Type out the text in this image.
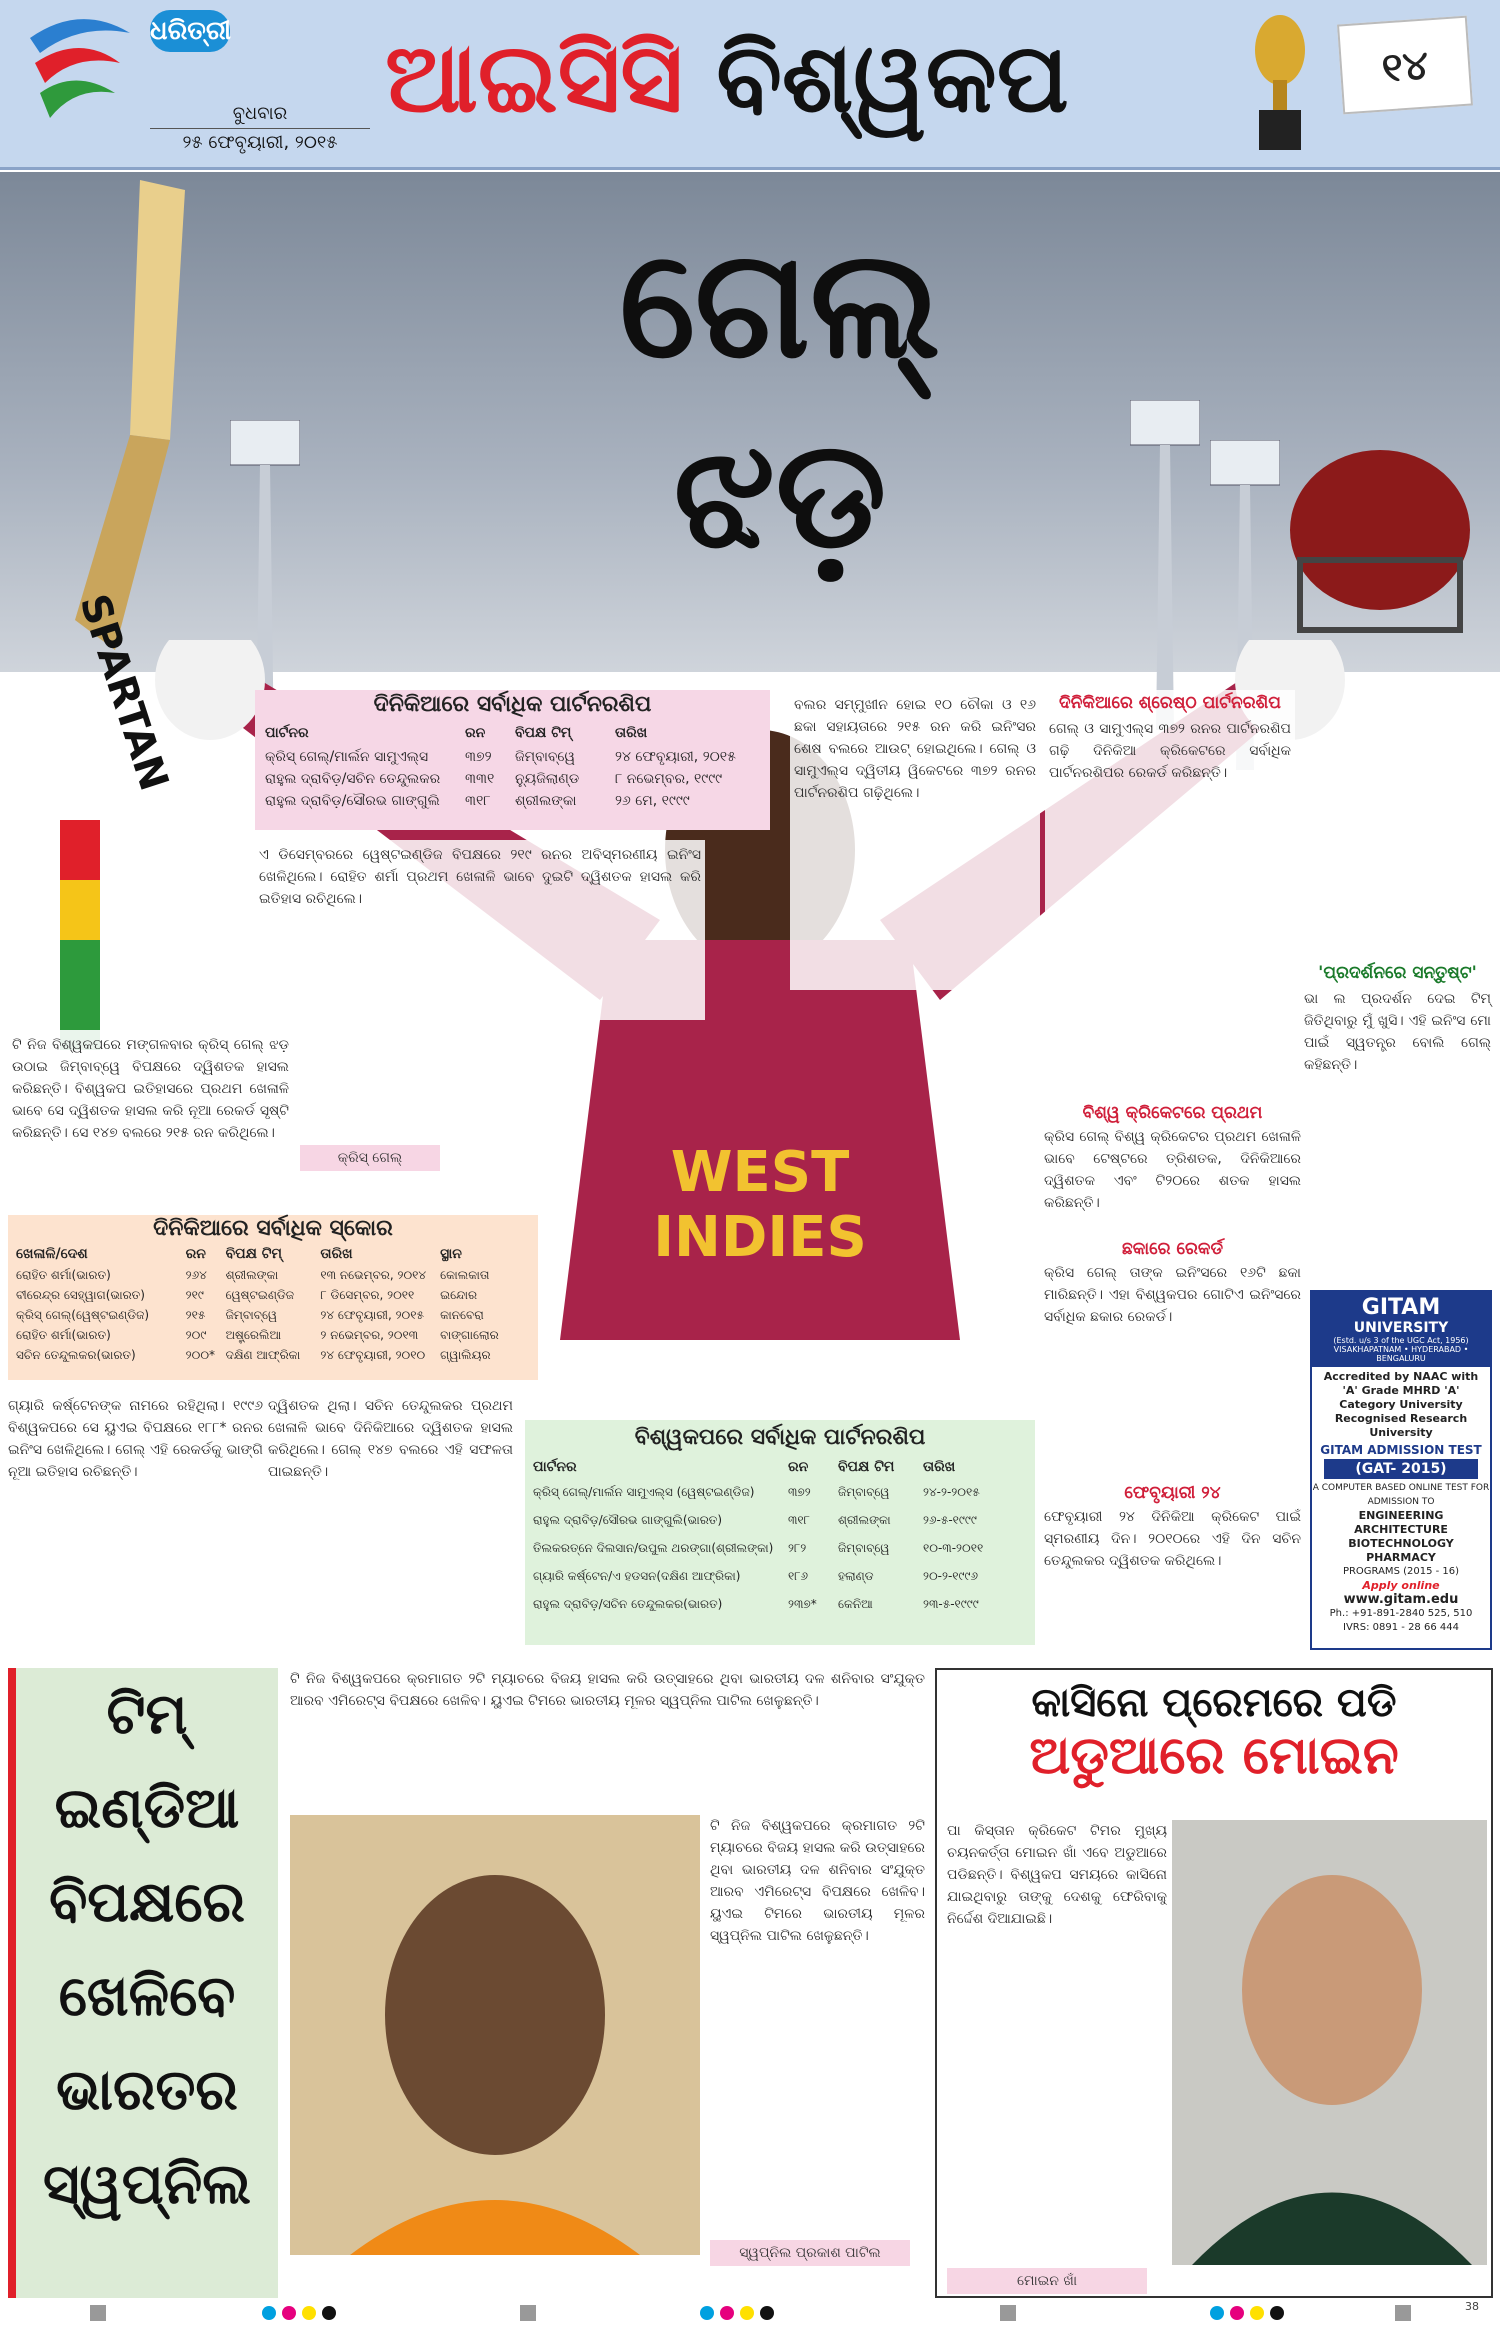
ଧରିତ୍ରୀ
ବୁଧବାର
୨୫ ଫେବୃୟାରୀ, ୨୦୧୫
ଆଇସିସି ବିଶ୍ୱକପ	୧୪
ଗେଲ୍
ଝଡ଼
WEST INDIES
SPARTAN	ଦିନିକିଆରେ ସର୍ବାଧିକ ପାର୍ଟନରଶିପ
ପାର୍ଟନର	ରନ	ବିପକ୍ଷ ଟିମ୍	ତାରିଖ
କ୍ରିସ୍ ଗେଲ୍/ମାର୍ଲନ ସାମୁଏଲ୍ସ	୩୭୨	ଜିମ୍ବାବ୍ୱେ	୨୪ ଫେବୃୟାରୀ, ୨୦୧୫
ରାହୁଲ ଦ୍ରାବିଡ଼/ସଚିନ ତେନ୍ଦୁଲକର	୩୩୧	ନ୍ୟୁଜିଲାଣ୍ଡ	୮ ନଭେମ୍ବର, ୧୯୯୯
ରାହୁଲ ଦ୍ରାବିଡ଼/ସୌରଭ ଗାଙ୍ଗୁଲି	୩୧୮	ଶ୍ରୀଲଙ୍କା	୨୬ ମେ, ୧୯୯୯
ଏ ଡିସେମ୍ବରରେ ୱେଷ୍ଟଇଣ୍ଡିଜ ବିପକ୍ଷରେ ୨୧୯ ରନର ଅବିସ୍ମରଣୀୟ ଇନିଂସ ଖେଳିଥିଲେ। ରୋହିତ ଶର୍ମା ପ୍ରଥମ ଖେଳାଳି ଭାବେ ଦୁଇଟି ଦ୍ୱିଶତକ ହାସଲ କରି ଇତିହାସ ରଚିଥିଲେ।
ବଲର ସମ୍ମୁଖୀନ ହୋଇ ୧୦ ଚୌକା ଓ ୧୬ ଛକା ସହାୟତାରେ ୨୧୫ ରନ କରି ଇନିଂସର ଶେଷ ବଲରେ ଆଉଟ୍ ହୋଇଥିଲେ। ଗେଲ୍ ଓ ସାମୁଏଲ୍ସ ଦ୍ୱିତୀୟ ୱିକେଟରେ ୩୭୨ ରନର ପାର୍ଟନରଶିପ ଗଢ଼ିଥିଲେ।
ଦିନିକିଆରେ ଶ୍ରେଷ୍ଠ ପାର୍ଟନରଶିପ
ଗେଲ୍ ଓ ସାମୁଏଲ୍ସ ୩୭୨ ରନର ପାର୍ଟନରଶିପ ଗଢ଼ି ଦିନିକିଆ କ୍ରିକେଟରେ ସର୍ବାଧିକ ପାର୍ଟନରଶିପର ରେକର୍ଡ କରିଛନ୍ତି।
'ପ୍ରଦର୍ଶନରେ ସନ୍ତୁଷ୍ଟ'
ଭା ଲ ପ୍ରଦର୍ଶନ ଦେଇ ଟିମ୍ ଜିତିଥିବାରୁ ମୁଁ ଖୁସି। ଏହି ଇନିଂସ ମୋ ପାଇଁ ସ୍ୱତନ୍ତ୍ର ବୋଲି ଗେଲ୍ କହିଛନ୍ତି।
ଟି ନିଜ ବିଶ୍ୱକପରେ ମଙ୍ଗଳବାର କ୍ରିସ୍ ଗେଲ୍ ଝଡ଼ ଉଠାଇ ଜିମ୍ବାବ୍ୱେ ବିପକ୍ଷରେ ଦ୍ୱିଶତକ ହାସଲ କରିଛନ୍ତି। ବିଶ୍ୱକପ ଇତିହାସରେ ପ୍ରଥମ ଖେଳାଳି ଭାବେ ସେ ଦ୍ୱିଶତକ ହାସଲ କରି ନୂଆ ରେକର୍ଡ ସୃଷ୍ଟି କରିଛନ୍ତି। ସେ ୧୪୭ ବଲରେ ୨୧୫ ରନ କରିଥିଲେ।
କ୍ରିସ୍ ଗେଲ୍
ବିଶ୍ୱ କ୍ରିକେଟରେ ପ୍ରଥମ
କ୍ରିସ ଗେଲ୍ ବିଶ୍ୱ କ୍ରିକେଟର ପ୍ରଥମ ଖେଳାଳି ଭାବେ ଟେଷ୍ଟରେ ତ୍ରିଶତକ, ଦିନିକିଆରେ ଦ୍ୱିଶତକ ଏବଂ ଟି୨୦ରେ ଶତକ ହାସଲ କରିଛନ୍ତି।
ଛକାରେ ରେକର୍ଡ
କ୍ରିସ ଗେଲ୍ ତାଙ୍କ ଇନିଂସରେ ୧୬ଟି ଛକା ମାରିଛନ୍ତି। ଏହା ବିଶ୍ୱକପର ଗୋଟିଏ ଇନିଂସରେ ସର୍ବାଧିକ ଛକାର ରେକର୍ଡ।
ଫେବୃୟାରୀ ୨୪
ଫେବୃୟାରୀ ୨୪ ଦିନିକିଆ କ୍ରିକେଟ ପାଇଁ ସ୍ମରଣୀୟ ଦିନ। ୨୦୧୦ରେ ଏହି ଦିନ ସଚିନ ତେନ୍ଦୁଲକର ଦ୍ୱିଶତକ କରିଥିଲେ।
ଦିନିକିଆରେ ସର୍ବାଧିକ ସ୍କୋର
ଖେଳାଳି/ଦେଶ	ରନ	ବିପକ୍ଷ ଟିମ୍	ତାରିଖ	ସ୍ଥାନ
ରୋହିତ ଶର୍ମା(ଭାରତ)	୨୬୪	ଶ୍ରୀଲଙ୍କା	୧୩ ନଭେମ୍ବର, ୨୦୧୪	କୋଲକାତା
ବୀରେନ୍ଦ୍ର ସେହ୍ୱାଗ(ଭାରତ)	୨୧୯	ୱେଷ୍ଟଇଣ୍ଡିଜ	୮ ଡିସେମ୍ବର, ୨୦୧୧	ଇନ୍ଦୋର
କ୍ରିସ୍ ଗେଲ୍(ୱେଷ୍ଟଇଣ୍ଡିଜ)	୨୧୫	ଜିମ୍ବାବ୍ୱେ	୨୪ ଫେବୃୟାରୀ, ୨୦୧୫	କାନବେରା
ରୋହିତ ଶର୍ମା(ଭାରତ)	୨୦୯	ଅଷ୍ଟ୍ରେଲିଆ	୨ ନଭେମ୍ବର, ୨୦୧୩	ବାଙ୍ଗାଲୋର
ସଚିନ ତେନ୍ଦୁଲକର(ଭାରତ)	୨୦୦* ଦକ୍ଷିଣ ଆଫ୍ରିକା	୨୪ ଫେବୃୟାରୀ, ୨୦୧୦	ଗ୍ୱାଲିୟର
ଗ୍ୟାରି କର୍ଷ୍ଟେନଙ୍କ ନାମରେ ରହିଥିଲା। ୧୯୯୬ ବିଶ୍ୱକପରେ ସେ ୟୁଏଇ ବିପକ୍ଷରେ ୧୮୮* ରନର ଇନିଂସ ଖେଳିଥିଲେ। ଗେଲ୍ ଏହି ରେକର୍ଡକୁ ଭାଙ୍ଗି ନୂଆ ଇତିହାସ ରଚିଛନ୍ତି।
ଦ୍ୱିଶତକ ଥିଲା। ସଚିନ ତେନ୍ଦୁଲକର ପ୍ରଥମ ଖେଳାଳି ଭାବେ ଦିନିକିଆରେ ଦ୍ୱିଶତକ ହାସଲ କରିଥିଲେ। ଗେଲ୍ ୧୪୭ ବଲରେ ଏହି ସଫଳତା ପାଇଛନ୍ତି।
ବିଶ୍ୱକପରେ ସର୍ବାଧିକ ପାର୍ଟନରଶିପ
ପାର୍ଟନର	ରନ	ବିପକ୍ଷ ଟିମ	ତାରିଖ
କ୍ରିସ୍ ଗେଲ୍/ମାର୍ଲନ ସାମୁଏଲ୍ସ (ୱେଷ୍ଟଇଣ୍ଡିଜ)	୩୭୨	ଜିମ୍ବାବ୍ୱେ	୨୪-୨-୨୦୧୫
ରାହୁଲ ଦ୍ରାବିଡ଼/ସୌରଭ ଗାଙ୍ଗୁଲି(ଭାରତ)	୩୧୮	ଶ୍ରୀଲଙ୍କା	୨୬-୫-୧୯୯୯
ତିଲକରତ୍ନେ ଦିଲସାନ/ଉପୁଲ ଥରଙ୍ଗା(ଶ୍ରୀଲଙ୍କା)	୨୮୨	ଜିମ୍ବାବ୍ୱେ	୧୦-୩-୨୦୧୧
ଗ୍ୟାରି କର୍ଷ୍ଟେନ/ଏ ହଡସନ(ଦକ୍ଷିଣ ଆଫ୍ରିକା)	୧୮୬	ହଲାଣ୍ଡ	୨୦-୨-୧୯୯୬
ରାହୁଲ ଦ୍ରାବିଡ଼/ସଚିନ ତେନ୍ଦୁଲକର(ଭାରତ)	୨୩୭*	କେନିଆ	୨୩-୫-୧୯୯୯
GITAM
UNIVERSITY
(Estd. u/s 3 of the UGC Act, 1956)
VISAKHAPATNAM • HYDERABAD • BENGALURU
Accredited by NAAC with 'A' Grade MHRD 'A' Category University Recognised Research University
GITAM ADMISSION TEST
(GAT- 2015)
A COMPUTER BASED ONLINE TEST FOR ADMISSION TO
ENGINEERING
ARCHITECTURE
BIOTECHNOLOGY
PHARMACY
PROGRAMS (2015 - 16)
Apply online
www.gitam.edu
Ph.: +91-891-2840 525, 510
IVRS: 0891 - 28 66 444
ଟିମ୍
ଇଣ୍ଡିଆ
ବିପକ୍ଷରେ
ଖେଳିବେ
ଭାରତର
ସ୍ୱପ୍ନିଲ
ଟି ନିଜ ବିଶ୍ୱକପରେ କ୍ରମାଗତ ୨ଟି ମ୍ୟାଚରେ ବିଜୟ ହାସଲ କରି ଉତ୍ସାହରେ ଥିବା ଭାରତୀୟ ଦଳ ଶନିବାର ସଂଯୁକ୍ତ ଆରବ ଏମିରେଟ୍ସ ବିପକ୍ଷରେ ଖେଳିବ। ୟୁଏଇ ଟିମରେ ଭାରତୀୟ ମୂଳର ସ୍ୱପ୍ନିଲ ପାଟିଲ ଖେଳୁଛନ୍ତି।
ସ୍ୱପ୍ନିଲ ପ୍ରକାଶ ପାଟିଲ
ଟି ନିଜ ବିଶ୍ୱକପରେ କ୍ରମାଗତ ୨ଟି ମ୍ୟାଚରେ ବିଜୟ ହାସଲ କରି ଉତ୍ସାହରେ ଥିବା ଭାରତୀୟ ଦଳ ଶନିବାର ସଂଯୁକ୍ତ ଆରବ ଏମିରେଟ୍ସ ବିପକ୍ଷରେ ଖେଳିବ। ୟୁଏଇ ଟିମରେ ଭାରତୀୟ ମୂଳର ସ୍ୱପ୍ନିଲ ପାଟିଲ ଖେଳୁଛନ୍ତି।
କାସିନୋ ପ୍ରେମରେ ପଡି
ଅଡୁଆରେ ମୋଇନ
ପା କିସ୍ତାନ କ୍ରିକେଟ ଟିମର ମୁଖ୍ୟ ଚୟନକର୍ତ୍ତା ମୋଇନ ଖାଁ ଏବେ ଅଡୁଆରେ ପଡିଛନ୍ତି। ବିଶ୍ୱକପ ସମୟରେ କାସିନୋ ଯାଇଥିବାରୁ ତାଙ୍କୁ ଦେଶକୁ ଫେରିବାକୁ ନିର୍ଦ୍ଦେଶ ଦିଆଯାଇଛି।
ମୋଇନ ଖାଁ
38
